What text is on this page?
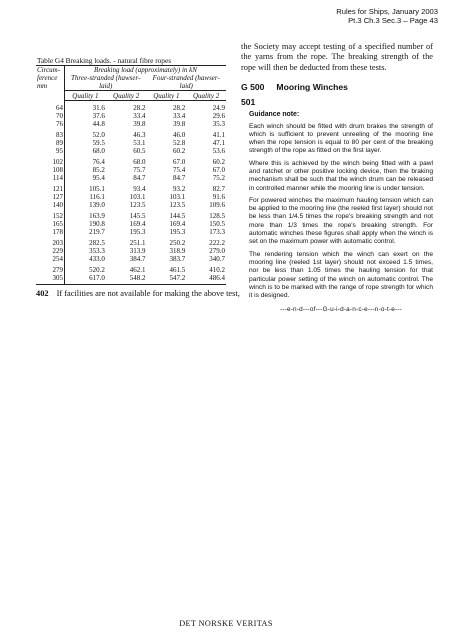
Rules for Ships, January 2003
Pt.3 Ch.3 Sec.3 – Page 43
Table G4 Breaking loads. - natural fibre ropes				
Circum-ference mm	Breaking load (approximately) in kN			
	Three-stranded (hawser-laid)		Four-stranded (hawser-laid)	

	Quality 1	Quality 2	Quality 1	Quality 2
64	31.6	28.2	28.2	24.9
70	37.6	33.4	33.4	29.6
76	44.8	39.8	39.8	35.3
83	52.0	46.3	46.0	41.1
89	59.5	53.1	52.8	47.1
95	68.0	60.5	60.2	53.6
102	76.4	68.0	67.0	60.2
108	85.2	75.7	75.4	67.0
114	95.4	84.7	84.7	75.2
121	105.1	93.4	93.2	82.7
127	116.1	103.1	103.1	91.6
140	139.0	123.5	123.5	109.6
152	163.9	145.5	144.5	128.5
165	190.8	169.4	169.4	150.5
178	219.7	195.3	195.3	173.3
203	282.5	251.1	250.2	222.2
229	353.3	313.9	318.9	279.0
254	433.0	384.7	383.7	340.7
279	520.2	462.1	461.5	410.2
305	617.0	548.2	547.2	486.4
402 If facilities are not available for making the above test,

the Society may accept testing of a specified number of the yarns from the rope. The breaking strength of the rope will then be deducted from these tests.

G 500 Mooring Winches
501
Guidance note:

Each winch should be fitted with drum brakes the strength of which is sufficient to prevent unreeling of the mooring line when the rope tension is equal to 80 per cent of the breaking strength of the rope as fitted on the first layer.

Where this is achieved by the winch being fitted with a pawl and ratchet or other positive locking device, then the braking mechanism shall be such that the winch drum can be released in controlled manner while the mooring line is under tension.

For powered winches the maximum hauling tension which can be applied to the mooring line (the reeled first layer) should not be less than 1/4.5 times the rope's breaking strength and not more than 1/3 times the rope's breaking strength. For automatic winches these figures shall apply when the winch is set on the maximum power with automatic control.

The rendering tension which the winch can exert on the mooring line (reeled 1st layer) should not exceed 1.5 times, nor be less than 1.05 times the hauling tension for that particular power setting of the winch on automatic control. The winch is to be marked with the range of rope strength for which it is designed.

---e-n-d---of---G-u-i-d-a-n-c-e---n-o-t-e---
DET NORSKE VERITAS
